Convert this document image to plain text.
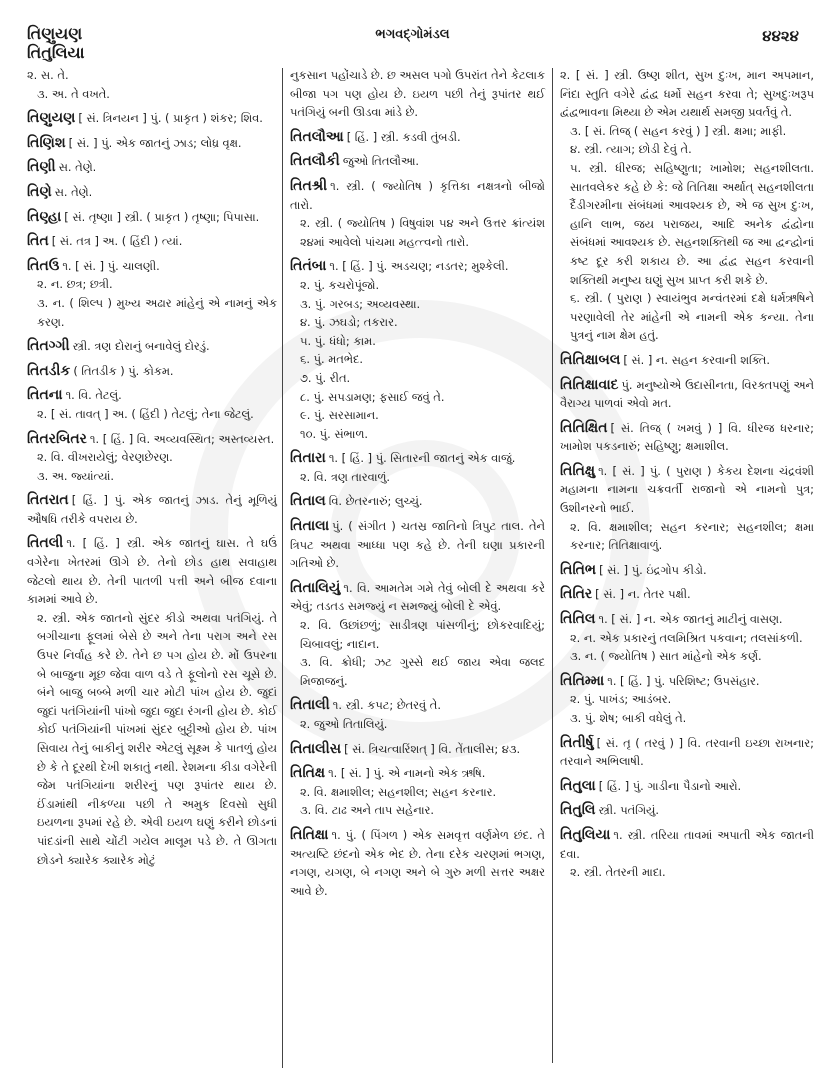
તિણુયણ
તિતુલિયા
ભગવદ્ગોમંડલ	૪૪૨૪
૨. સ. તે.
૩. અ. તે વખતે.
તિણુયણ [ સં. ત્રિનયન ] પું. ( પ્રાકૃત ) શંકર; શિવ.
તિણિશ [ સં. ] પું. એક જાતનું ઝાડ; લોધ્ર વૃક્ષ.
તિણી સ. તેણે.
તિણે સ. તેણે.
તિણ્હા [ સં. તૃષ્ણા ] સ્ત્રી. ( પ્રાકૃત ) તૃષ્ણા; પિપાસા.
તિત [ સં. તત્ર ] અ. ( હિંદી ) ત્યાં.
તિતઉ ૧. [ સં. ] પું. ચાલણી.
૨. ન. છત્ર; છત્રી.
૩. ન. ( શિલ્પ ) મુખ્ય અઢાર માંહેનું એ નામનું એક કરણ.
તિતગ્ગી સ્ત્રી. ત્રણ દોરાનું બનાવેલું દોરડું.
તિતડીક ( તિતડીક ) પું. કોકમ.
તિતના ૧. વિ. તેટલું.
૨. [ સં. તાવત્ ] અ. ( હિંદી ) તેટલું; તેના જેટલું.
તિતરબિતર ૧. [ હિં. ] વિ. અવ્યવસ્થિત; અસ્તવ્યસ્ત.
૨. વિ. વીખરાયેલું; વેરણછેરણ.
૩. અ. જ્યાંત્યાં.
તિતરાત [ હિં. ] પું. એક જાતનું ઝાડ. તેનું મૂળિયું ઔષધિ તરીકે વપરાય છે.
તિતલી ૧. [ હિં. ] સ્ત્રી. એક જાતનું ઘાસ. તે ઘઉં વગેરેના ખેતરમાં ઊગે છે. તેનો છોડ હાથ સવાહાથ જેટલો થાય છે. તેની પાતળી પત્તી અને બીજ દવાના કામમાં આવે છે.
૨. સ્ત્રી. એક જાતનો સુંદર કીડો અથવા પતંગિયું. તે બગીચાના ફૂલમાં બેસે છે અને તેના પરાગ અને રસ ઉપર નિર્વાહ કરે છે. તેને છ પગ હોય છે. મોં ઉપરના બે બાજુના મૂછ જેવા વાળ વડે તે ફૂલોનો રસ ચૂસે છે. બંને બાજુ બબ્બે મળી ચાર મોટી પાંખ હોય છે. જુદાં જુદાં પતંગિયાંની પાંખો જુદા જુદા રંગની હોય છે. કોઈ કોઈ પતંગિયાંની પાંખમાં સુંદર બુટ્ટીઓ હોય છે. પાંખ સિવાય તેનું બાકીનું શરીર એટલું સૂક્ષ્મ કે પાતળું હોય છે કે તે દૂરથી દેખી શકાતું નથી. રેશમના કીડા વગેરેની જેમ પતંગિયાંના શરીરનું પણ રૂપાંતર થાય છે. ઈંડામાંથી નીકળ્યા પછી તે અમુક દિવસો સુધી ઇયળના રૂપમાં રહે છે. એવી ઇયળ ઘણું કરીને છોડનાં પાંદડાંની સાથે ચોંટી ગયેલ માલૂમ પડે છે. તે ઊગતા છોડને ક્યારેક ક્યારેક મોટું
નુકસાન પહોંચાડે છે. છ અસલ પગો ઉપરાંત તેને કેટલાક બીજા પગ પણ હોય છે. ઇયળ પછી તેનું રૂપાંતર થઈ પતંગિયું બની ઊડવા માંડે છે.
તિતલૌઆ [ હિં. ] સ્ત્રી. કડવી તુંબડી.
તિતલૌકી જુઓ તિતલૌઆ.
તિતશ્રી ૧. સ્ત્રી. ( જ્યોતિષ ) કૃત્તિકા નક્ષત્રનો બીજો તારો.
૨. સ્ત્રી. ( જ્યોતિષ ) વિષુવાંશ ૫૪ અને ઉત્તર ક્રાંત્યંશ ૨૪માં આવેલો પાંચમા મહત્ત્વનો તારો.
તિતંબા ૧. [ હિં. ] પું. અડચણ; નડતર; મુશ્કેલી.
૨. પું. કચરોપૂંજો.
૩. પું. ગરબડ; અવ્યવસ્થા.
૪. પું. ઝઘડો; તકરાર.
૫. પું. ધંધો; કામ.
૬. પું. મતભેદ.
૭. પું. રીત.
૮. પું. સપડામણ; ફસાઈ જવું તે.
૯. પું. સરસામાન.
૧૦. પું. સંભાળ.
તિતારા ૧. [ હિં. ] પું. સિતારની જાતનું એક વાજું.
૨. વિ. ત્રણ તારવાળું.
તિતાલ વિ. છેતરનારું; લુચ્ચું.
તિતાલા પું. ( સંગીત ) ચતસ્ર જાતિનો ત્રિપુટ તાલ. તેને ત્રિપટ અથવા આધ્ધા પણ કહે છે. તેની ઘણા પ્રકારની ગતિઓ છે.
તિતાલિયું ૧. વિ. આમતેમ ગમે તેવું બોલી દે અથવા કરે એવું; તડતડ સમજ્યું ન સમજ્યું બોલી દે એવું.
૨. વિ. ઉછાંછળું; સાડીત્રણ પાંસળીનું; છોકરવાદિયું; ચિબાવલું; નાદાન.
૩. વિ. ક્રોધી; ઝટ ગુસ્સે થઈ જાય એવા જલદ મિજાજનું.
તિતાલી ૧. સ્ત્રી. કપટ; છેતરવું તે.
૨. જુઓ તિતાલિયું.
તિતાલીસ [ સં. ત્રિચત્વારિંશત્ ] વિ. તેંતાલીસ; ૪૩.
તિતિક્ષ ૧. [ સં. ] પું. એ નામનો એક ઋષિ.
૨. વિ. ક્ષમાશીલ; સહનશીલ; સહન કરનાર.
૩. વિ. ટાઢ અને તાપ સહેનાર.
તિતિક્ષા ૧. પું. ( પિંગળ ) એક સમવૃત્ત વર્ણમેળ છંદ. તે અત્યષ્ટિ છંદનો એક ભેદ છે. તેના દરેક ચરણમાં ભગણ, નગણ, યગણ, બે નગણ અને બે ગુરુ મળી સત્તર અક્ષર આવે છે.
૨. [ સં. ] સ્ત્રી. ઉષ્ણ શીત, સુખ દુઃખ, માન અપમાન, નિંદા સ્તુતિ વગેરે દ્વંદ્વ ધર્મો સહન કરવા તે; સુખદુઃખરૂપ દ્વંદ્વભાવના મિથ્યા છે એમ યથાર્થ સમજી પ્રવર્તવું તે.
૩. [ સં. તિજ્ ( સહન કરવું ) ] સ્ત્રી. ક્ષમા; માફી.
૪. સ્ત્રી. ત્યાગ; છોડી દેવું તે.
૫. સ્ત્રી. ધીરજ; સહિષ્ણુતા; ખામોશ; સહનશીલતા. સાતવલેકર કહે છે કે: જે તિતિક્ષા અર્થાત્ સહનશીલતા દૈંડીગરમીના સંબંધમાં આવશ્યક છે, એ જ સુખ દુઃખ, હાનિ લાભ, જય પરાજય, આદિ અનેક દ્વંદ્વોના સંબંધમાં આવશ્યક છે. સહનશક્તિથી જ આ દ્વન્દ્વોનાં કષ્ટ દૂર કરી શકાય છે. આ દ્વંદ્વ સહન કરવાની શક્તિથી મનુષ્ય ઘણું સુખ પ્રાપ્ત કરી શકે છે.
૬. સ્ત્રી. ( પુરાણ ) સ્વાયંભુવ મન્વંતરમાં દક્ષે ધર્મઋષિને પરણાવેલી તેર માંહેની એ નામની એક કન્યા. તેના પુત્રનું નામ ક્ષેમ હતું.
તિતિક્ષાબલ [ સં. ] ન. સહન કરવાની શક્તિ.
તિતિક્ષાવાદ પું. મનુષ્યોએ ઉદાસીનતા, વિરક્તપણું અને વૈરાગ્ય પાળવાં એવો મત.
તિતિક્ષિત [ સં. તિજ્ ( ખમવું ) ] વિ. ધીરજ ધરનાર; ખામોશ પકડનારું; સહિષ્ણુ; ક્ષમાશીલ.
તિતિક્ષુ ૧. [ સં. ] પું. ( પુરાણ ) કેકય દેશના ચંદ્રવંશી મહામના નામના ચક્રવર્તી રાજાનો એ નામનો પુત્ર; ઉશીનરનો ભાઈ.
૨. વિ. ક્ષમાશીલ; સહન કરનાર; સહનશીલ; ક્ષમા કરનાર; તિતિક્ષાવાળું.
તિતિભ [ સં. ] પું. ઇંદ્રગોપ કીડો.
તિતિર [ સં. ] ન. તેતર પક્ષી.
તિતિલ ૧. [ સં. ] ન. એક જાતનું માટીનું વાસણ.
૨. ન. એક પ્રકારનું તલમિશ્રિત પકવાન; તલસાંકળી.
૩. ન. ( જ્યોતિષ ) સાત માંહેનો એક કર્ણ.
તિતિમ્મા ૧. [ હિં. ] પું. પરિશિષ્ટ; ઉપસંહાર.
૨. પું. પાખંડ; આડંબર.
૩. પું. શેષ; બાકી વધેલું તે.
તિતીર્ષુ [ સં. તૃ ( તરવું ) ] વિ. તરવાની ઇચ્છા રાખનાર; તરવાને અભિલાષી.
તિતુલા [ હિં. ] પું. ગાડીના પૈડાનો આરો.
તિતુલિ સ્ત્રી. પતંગિયું.
તિતુલિયા ૧. સ્ત્રી. તરિયા તાવમાં અપાતી એક જાતની દવા.
૨. સ્ત્રી. તેતરની માદા.
